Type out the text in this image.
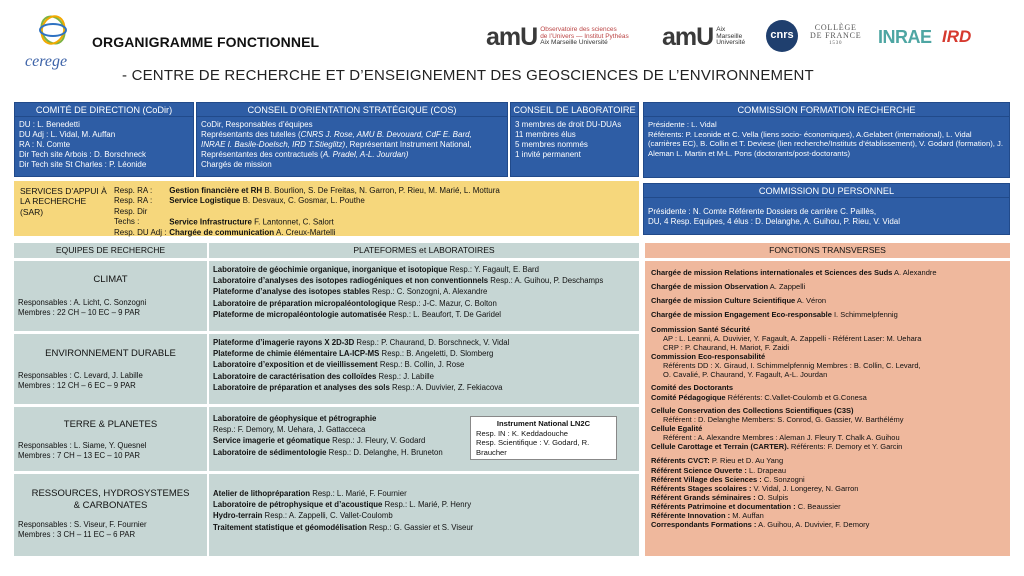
cerege
ORGANIGRAMME FONCTIONNEL
- CENTRE DE RECHERCHE ET D’ENSEIGNEMENT DES GEOSCIENCES DE L’ENVIRONNEMENT
amU Observatoire des sciences
de l’Univers — Institut Pythéas
Aix Marseille Université	amU Aix
Marseille
Université
cnrs
COLLÈGE
DE FRANCE
1530	INRAE IRD
COMITÉ DE DIRECTION (CoDir)
DU : L. Benedetti
DU Adj : L. Vidal, M. Auffan
RA : N. Comte
Dir Tech site Arbois : D. Borschneck
Dir Tech site St Charles : P. Léonide
CONSEIL D’ORIENTATION STRATÉGIQUE (COS)
CoDir, Responsables d’équipes
Représentants des tutelles (CNRS J. Rose, AMU B. Devouard, CdF E. Bard,
INRAE I. Basile-Doelsch, IRD T.Stieglitz), Représentant Instrument National,
Représentantes des contractuels (A. Pradel, A-L. Jourdan)
Chargés de mission
CONSEIL DE LABORATOIRE
3 membres de droit DU-DUAs
11 membres élus
5 membres nommés
1 invité permanent
COMMISSION FORMATION RECHERCHE
Présidente : L. Vidal
Référents: P. Leonide et C. Vella (liens socio- économiques), A.Gelabert (international), L. Vidal (carrières EC), B. Collin et T. Deviese (lien recherche/Instituts d’établissement), V. Godard (formation), J. Aleman L. Martin et M-L. Pons (doctorants/post-doctorants)
SERVICES D’APPUI À LA RECHERCHE (SAR)
Resp. RA : Gestion financière et RH B. Bourlion, S. De Freitas, N. Garron, P. Rieu, M. Marié, L. Mottura
Resp. RA : Service Logistique B. Desvaux, C. Gosmar, L. Pouthe
Resp. Dir Techs :	Service Infrastructure F. Lantonnet, C. Salort
Resp. DU Adj : Chargée de communication A. Creux-Martelli
COMMISSION DU PERSONNEL
Présidente : N. Comte Référente Dossiers de carrière C. Paillès,
DU, 4 Resp. Equipes, 4 élus : D. Delanghe, A. Guihou, P. Rieu, V. Vidal
EQUIPES DE RECHERCHE	PLATEFORMES et LABORATOIRES	FONCTIONS TRANSVERSES
CLIMAT
Responsables : A. Licht, C. Sonzogni
Membres : 22 CH – 10 EC – 9 PAR
ENVIRONNEMENT DURABLE
Responsables : C. Levard, J. Labille
Membres : 12 CH – 6 EC – 9 PAR
TERRE & PLANETES
Responsables : L. Siame, Y. Quesnel
Membres : 7 CH – 13 EC – 10 PAR
RESSOURCES, HYDROSYSTEMES & CARBONATES
Responsables : S. Viseur, F. Fournier
Membres : 3 CH – 11 EC – 6 PAR
Laboratoire de géochimie organique, inorganique et isotopique Resp.: Y. Fagault, E. Bard
Laboratoire d’analyses des isotopes radiogéniques et non conventionnels Resp.: A. Guihou, P. Deschamps
Plateforme d’analyse des isotopes stables Resp.: C. Sonzogni, A. Alexandre
Laboratoire de préparation micropaléontologique Resp.: J-C. Mazur, C. Bolton
Plateforme de micropaléontologie automatisée Resp.: L. Beaufort, T. De Garidel
Plateforme d’imagerie rayons X 2D-3D Resp.: P. Chaurand, D. Borschneck, V. Vidal
Plateforme de chimie élémentaire LA-ICP-MS Resp.: B. Angeletti, D. Slomberg
Laboratoire d’exposition et de vieillissement Resp.: B. Collin, J. Rose
Laboratoire de caractérisation des colloïdes Resp.: J. Labille
Laboratoire de préparation et analyses des sols Resp.: A. Duvivier, Z. Fekiacova
Laboratoire de géophysique et pétrographie
Resp.: F. Demory, M. Uehara, J. Gattacceca
Service imagerie et géomatique Resp.: J. Fleury, V. Godard
Laboratoire de sédimentologie Resp.: D. Delanghe, H. Bruneton
Instrument National LN2C
Resp. IN : K. Keddadouche
Resp. Scientifique : V. Godard, R. Braucher
Atelier de lithopréparation Resp.: L. Marié, F. Fournier
Laboratoire de pétrophysique et d’acoustique Resp.: L. Marié, P. Henry
Hydro-terrain Resp.: A. Zappelli, C. Vallet-Coulomb
Traitement statistique et géomodélisation Resp.: G. Gassier et S. Viseur
Chargée de mission Relations internationales et Sciences des Suds A. Alexandre
Chargée de mission Observation A. Zappelli
Chargée de mission Culture Scientifique A. Véron
Chargée de mission Engagement Eco-responsable I. Schimmelpfennig
Commission Santé Sécurité
AP : L. Leanni, A. Duvivier, Y. Fagault, A. Zappelli - Référent Laser: M. Uehara
CRP : P. Chaurand, H. Mariot, F. Zaidi
Commission Eco-responsabilité
Référents DD : X. Giraud, I. Schimmelpfennig Membres : B. Collin, C. Levard,
O. Cavalié, P. Chaurand, Y. Fagault, A-L. Jourdan
Comité des Doctorants
Comité Pédagogique Référents: C.Vallet-Coulomb et G.Conesa
Cellule Conservation des Collections Scientifiques (C3S)
Référent : D. Delanghe Members: S. Conrod, G. Gassier, W. Barthélémy
Cellule Egalité
Référent : A. Alexandre Membres : Aleman J. Fleury T. Chalk A. Guihou
Cellule Carottage et Terrain (CARTER). Référents: F. Demory et Y. Garcin
Référents CVCT: P. Rieu et D. Au Yang
Référent Science Ouverte : L. Drapeau
Référent Village des Sciences : C. Sonzogni
Référents Stages scolaires : V. Vidal, J. Longerey, N. Garron
Référent Grands séminaires : O. Sulpis
Référents Patrimoine et documentation : C. Beaussier
Référente Innovation : M. Auffan
Correspondants Formations : A. Guihou, A. Duvivier, F. Demory
